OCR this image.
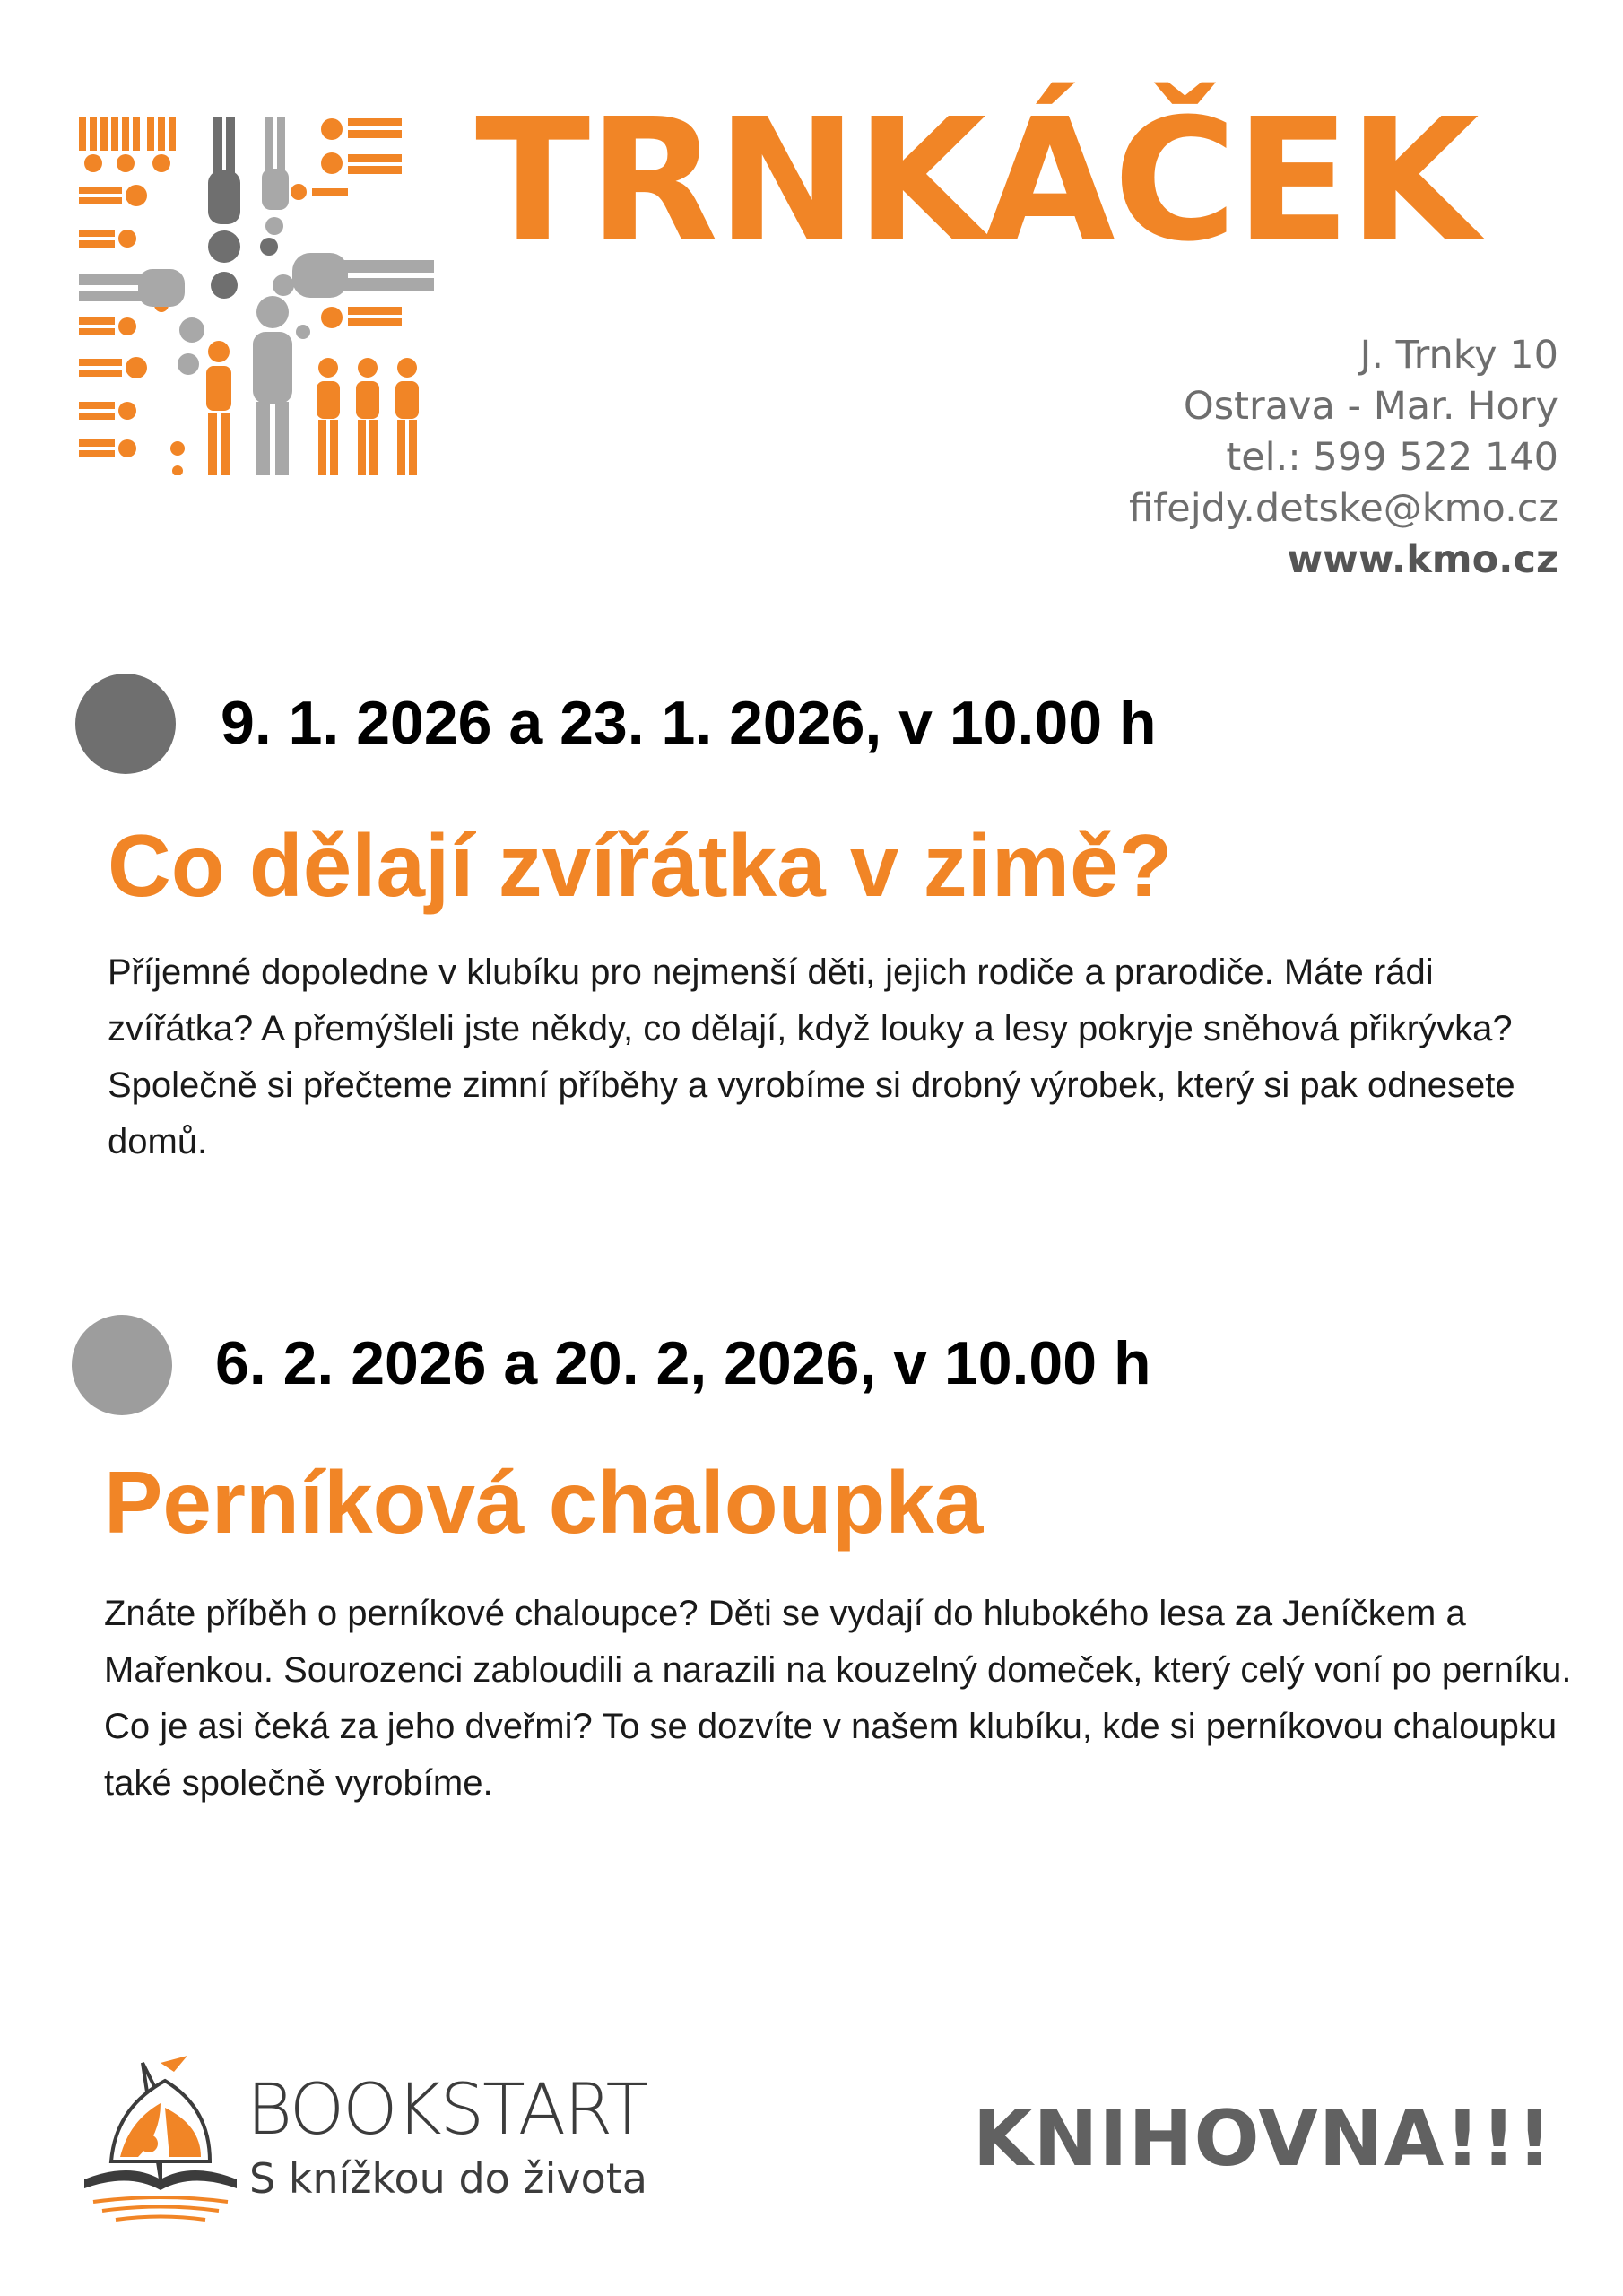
TRNKÁČEK
J. Trnky 10
Ostrava - Mar. Hory
tel.: 599 522 140
fifejdy.detske@kmo.cz
www.kmo.cz
9. 1. 2026 a 23. 1. 2026, v 10.00 h
Co dělají zvířátka v zimě?
Příjemné dopoledne v klubíku pro nejmenší děti, jejich rodiče a prarodiče. Máte rádi zvířátka? A přemýšleli jste někdy, co dělají, když louky a lesy pokryje sněhová přikrývka? Společně si přečteme zimní příběhy a vyrobíme si drobný výrobek, který si pak odnesete domů.
6. 2. 2026 a 20. 2, 2026, v 10.00 h
Perníková chaloupka
Znáte příběh o perníkové chaloupce? Děti se vydají do hlubokého lesa za Jeníčkem a Mařenkou. Sourozenci zabloudili a narazili na kouzelný domeček, který celý voní po perníku. Co je asi čeká za jeho dveřmi? To se dozvíte v našem klubíku, kde si perníkovou chaloupku také společně vyrobíme.
BOOKSTART
S knížkou do života	KNIHOVNA!!!
